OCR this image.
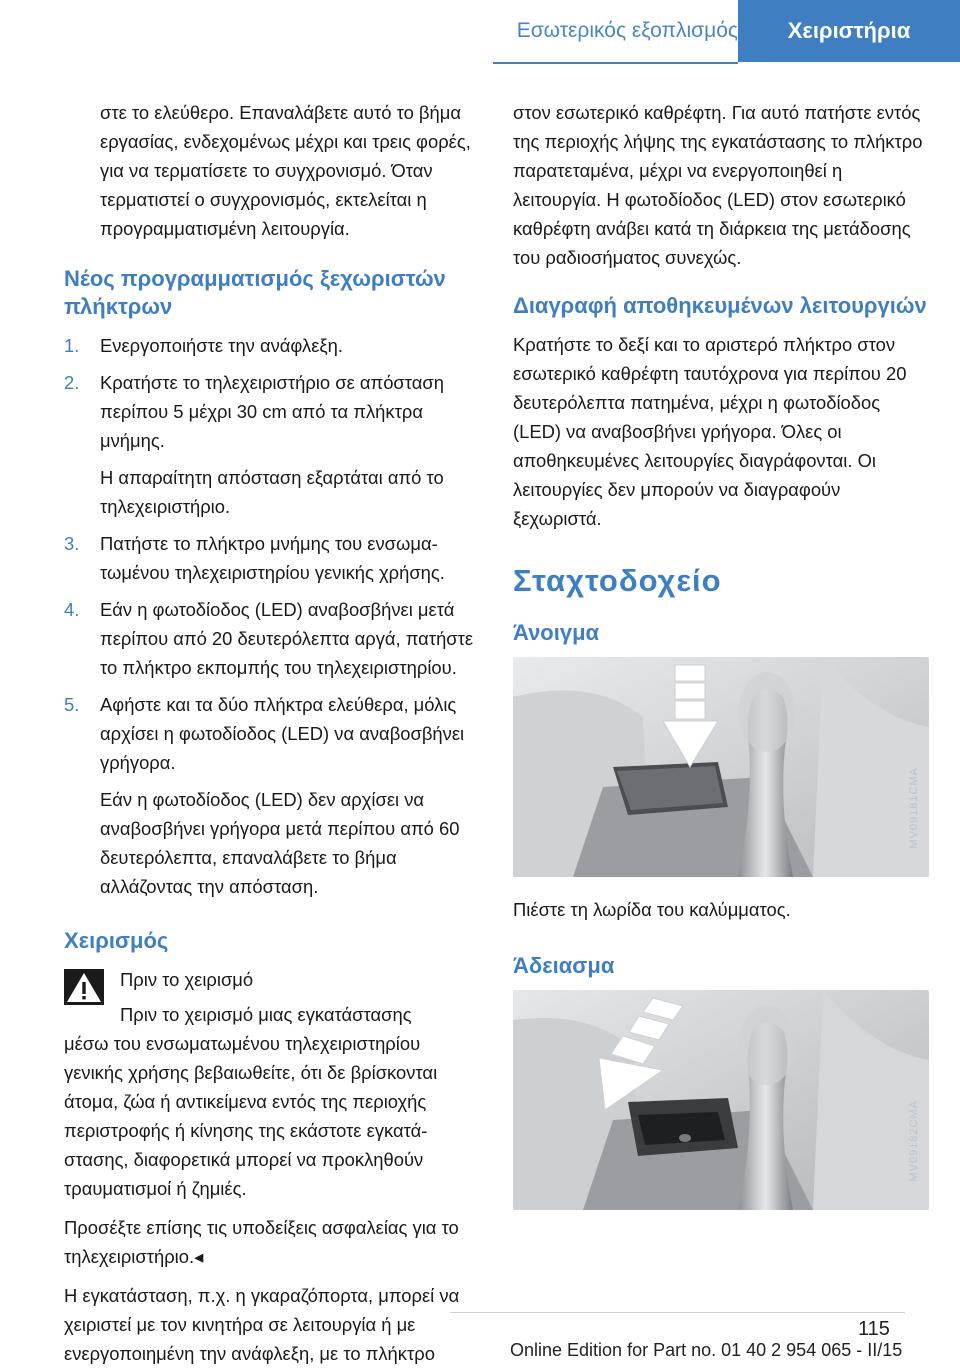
Εσωτερικός εξοπλισμός	Χειριστήρια

στε το ελεύθερο. Επαναλάβετε αυτό το βήμα εργασίας, ενδεχομένως μέχρι και τρεις φορές, για να τερματίσετε το συγχρονισμό. Όταν τερματιστεί ο συγχρονισμός, εκτελείται η προγραμματισμένη λειτουργία.

Νέος προγραμματισμός ξεχωριστών πλήκτρων
1. Ενεργοποιήστε την ανάφλεξη.
2. Κρατήστε το τηλεχειριστήριο σε απόσταση περίπου 5 μέχρι 30 cm από τα πλήκτρα μνήμης.
Η απαραίτητη απόσταση εξαρτάται από το τηλεχειριστήριο.
3. Πατήστε το πλήκτρο μνήμης του ενσωματωμένου τηλεχειριστηρίου γενικής χρήσης.
4. Εάν η φωτοδίοδος (LED) αναβοσβήνει μετά περίπου από 20 δευτερόλεπτα αργά, πατήστε το πλήκτρο εκπομπής του τηλεχειριστηρίου.
5. Αφήστε και τα δύο πλήκτρα ελεύθερα, μόλις αρχίσει η φωτοδίοδος (LED) να αναβοσβήνει γρήγορα.
Εάν η φωτοδίοδος (LED) δεν αρχίσει να αναβοσβήνει γρήγορα μετά περίπου από 60 δευτερόλεπτα, επαναλάβετε το βήμα αλλάζοντας την απόσταση.
Χειρισμός

Πριν το χειρισμό

Πριν το χειρισμό μιας εγκατάστασης

μέσω του ενσωματωμένου τηλεχειριστηρίου γενικής χρήσης βεβαιωθείτε, ότι δε βρίσκονται άτομα, ζώα ή αντικείμενα εντός της περιοχής περιστροφής ή κίνησης της εκάστοτε εγκατάστασης, διαφορετικά μπορεί να προκληθούν τραυματισμοί ή ζημιές.

Προσέξτε επίσης τις υποδείξεις ασφαλείας για το τηλεχειριστήριο.◂

Η εγκατάσταση, π.χ. η γκαραζόπορτα, μπορεί να χειριστεί με τον κινητήρα σε λειτουργία ή με ενεργοποιημένη την ανάφλεξη, με το πλήκτρο

στον εσωτερικό καθρέφτη. Για αυτό πατήστε εντός της περιοχής λήψης της εγκατάστασης το πλήκτρο παρατεταμένα, μέχρι να ενεργοποιηθεί η λειτουργία. Η φωτοδίοδος (LED) στον εσωτερικό καθρέφτη ανάβει κατά τη διάρκεια της μετάδοσης του ραδιοσήματος συνεχώς.

Διαγραφή αποθηκευμένων λειτουργιών

Κρατήστε το δεξί και το αριστερό πλήκτρο στον εσωτερικό καθρέφτη ταυτόχρονα για περίπου 20 δευτερόλεπτα πατημένα, μέχρι η φωτοδίοδος (LED) να αναβοσβήνει γρήγορα. Όλες οι αποθηκευμένες λειτουργίες διαγράφονται. Οι λειτουργίες δεν μπορούν να διαγραφούν ξεχωριστά.

Σταχτοδοχείο
Άνοιγμα
MV09181CMA

Πιέστε τη λωρίδα του καλύμματος.

Άδειασμα
MV09182CMA
115
Online Edition for Part no. 01 40 2 954 065 - II/15
